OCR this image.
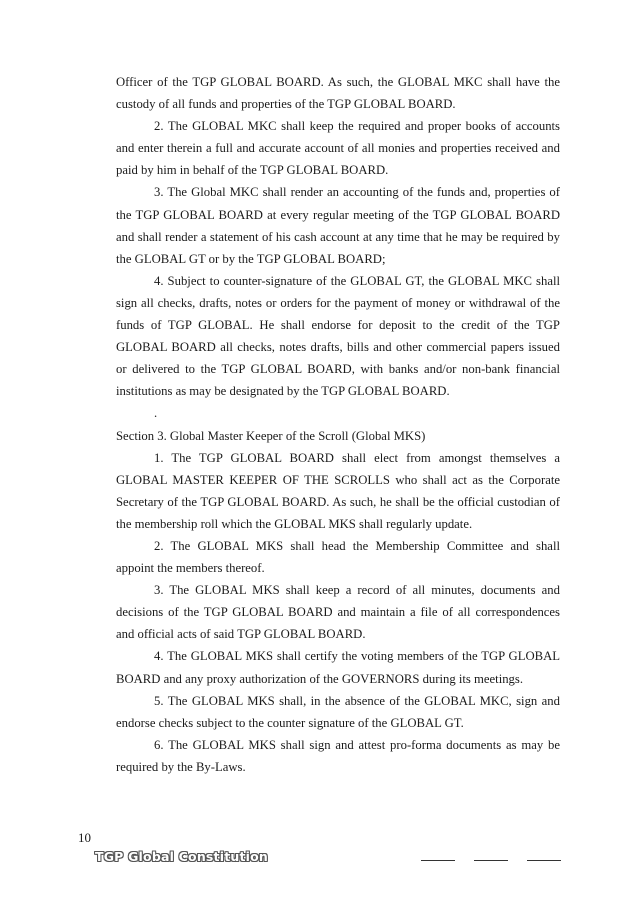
Officer of the TGP GLOBAL BOARD. As such, the GLOBAL MKC shall have the custody of all funds and properties of the TGP GLOBAL BOARD.

2. The GLOBAL MKC shall keep the required and proper books of accounts and enter therein a full and accurate account of all monies and properties received and paid by him in behalf of the TGP GLOBAL BOARD.

3. The Global MKC shall render an accounting of the funds and, properties of the TGP GLOBAL BOARD at every regular meeting of the TGP GLOBAL BOARD and shall render a statement of his cash account at any time that he may be required by the GLOBAL GT or by the TGP GLOBAL BOARD;

4. Subject to counter-signature of the GLOBAL GT, the GLOBAL MKC shall sign all checks, drafts, notes or orders for the payment of money or withdrawal of the funds of TGP GLOBAL. He shall endorse for deposit to the credit of the TGP GLOBAL BOARD all checks, notes drafts, bills and other commercial papers issued or delivered to the TGP GLOBAL BOARD, with banks and/or non-bank financial institutions as may be designated by the TGP GLOBAL BOARD.

.

Section 3. Global Master Keeper of the Scroll (Global MKS)

1. The TGP GLOBAL BOARD shall elect from amongst themselves a GLOBAL MASTER KEEPER OF THE SCROLLS who shall act as the Corporate Secretary of the TGP GLOBAL BOARD. As such, he shall be the official custodian of the membership roll which the GLOBAL MKS shall regularly update.

2. The GLOBAL MKS shall head the Membership Committee and shall appoint the members thereof.

3. The GLOBAL MKS shall keep a record of all minutes, documents and decisions of the TGP GLOBAL BOARD and maintain a file of all correspondences and official acts of said TGP GLOBAL BOARD.

4. The GLOBAL MKS shall certify the voting members of the TGP GLOBAL BOARD and any proxy authorization of the GOVERNORS during its meetings.

5. The GLOBAL MKS shall, in the absence of the GLOBAL MKC, sign and endorse checks subject to the counter signature of the GLOBAL GT.

6. The GLOBAL MKS shall sign and attest pro-forma documents as may be required by the By-Laws.

10
TGP Global Constitution
